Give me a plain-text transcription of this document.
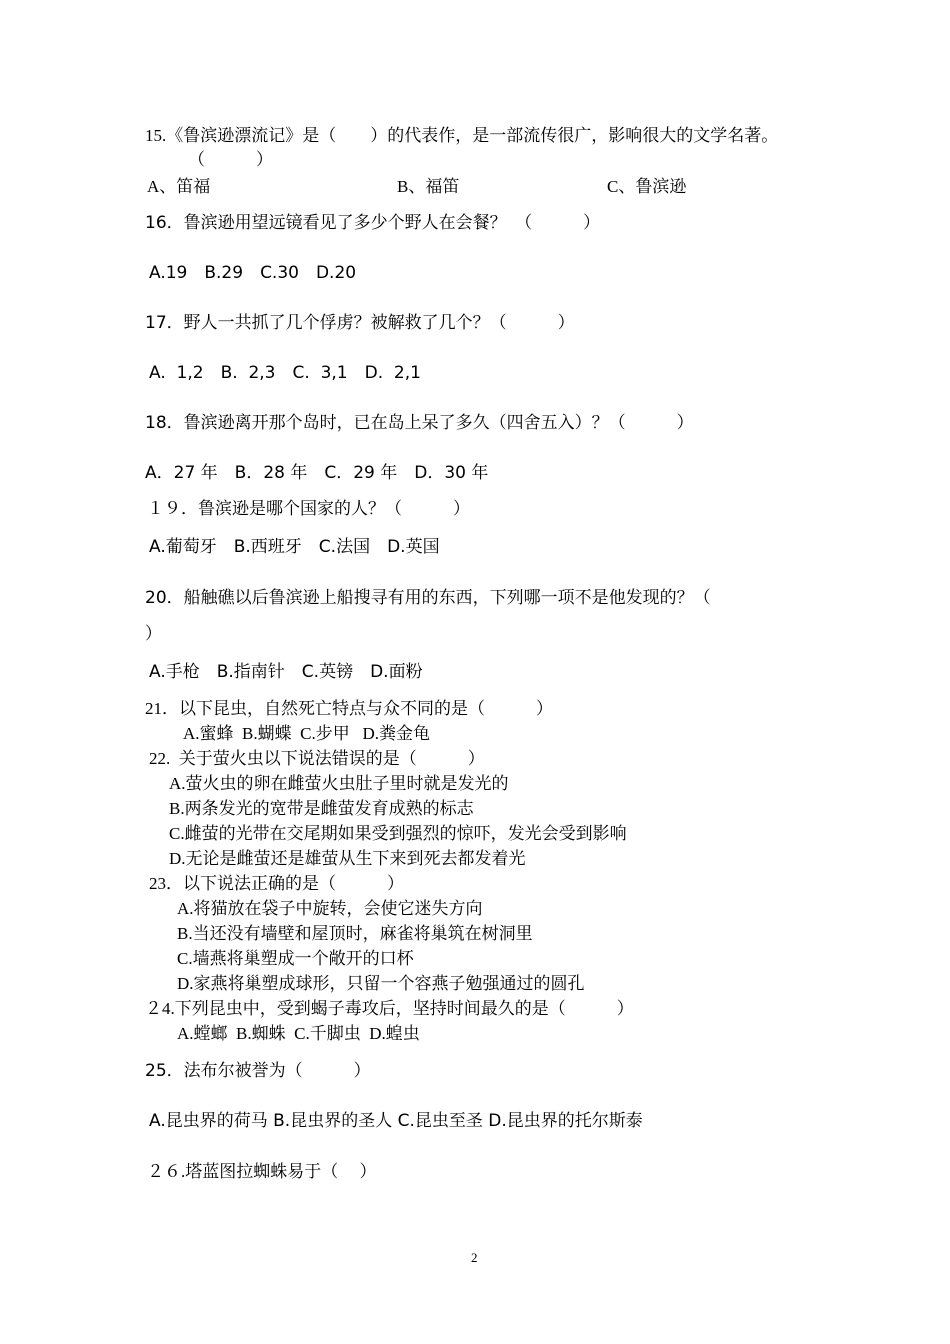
15.《鲁滨逊漂流记》是（　　）的代表作，是一部流传很广，影响很大的文学名著。
（　　　）
A、笛福	B、福笛	C、鲁滨逊
16．鲁滨逊用望远镜看见了多少个野人在会餐？　（　　　）
A.19　B.29　C.30　D.20
17．野人一共抓了几个俘虏？被解救了几个？（　　　）
A.  1,2　B.  2,3　C.  3,1　D.  2,1
18．鲁滨逊离开那个岛时，已在岛上呆了多久（四舍五入）？（　　　）
A．27 年　B．28 年　C．29 年　D．30 年
１９．鲁滨逊是哪个国家的人？（　　　）
A.葡萄牙　B.西班牙　C.法国　D.英国
20．船触礁以后鲁滨逊上船搜寻有用的东西，下列哪一项不是他发现的？（
）
A.手枪　B.指南针　C.英镑　D.面粉
21．以下昆虫，自然死亡特点与众不同的是（　　　）
A.蜜蜂  B.蝴蝶  C.步甲   D.粪金龟
22.  关于萤火虫以下说法错误的是（　　　）
A.萤火虫的卵在雌萤火虫肚子里时就是发光的
B.两条发光的宽带是雌萤发育成熟的标志
C.雌萤的光带在交尾期如果受到强烈的惊吓，发光会受到影响
D.无论是雌萤还是雄萤从生下来到死去都发着光
23．以下说法正确的是（　　　）
A.将猫放在袋子中旋转，会使它迷失方向
B.当还没有墙壁和屋顶时，麻雀将巢筑在树洞里
C.墙燕将巢塑成一个敞开的口杯
D.家燕将巢塑成球形，只留一个容燕子勉强通过的圆孔
２4.下列昆虫中，受到蝎子毒攻后，坚持时间最久的是（　　　）
A.螳螂  B.蜘蛛  C.千脚虫  D.蝗虫
25．法布尔被誉为（　　　）
A.昆虫界的荷马 B.昆虫界的圣人 C.昆虫至圣 D.昆虫界的托尔斯泰
２６.塔蓝图拉蜘蛛易于（　 ）
2
